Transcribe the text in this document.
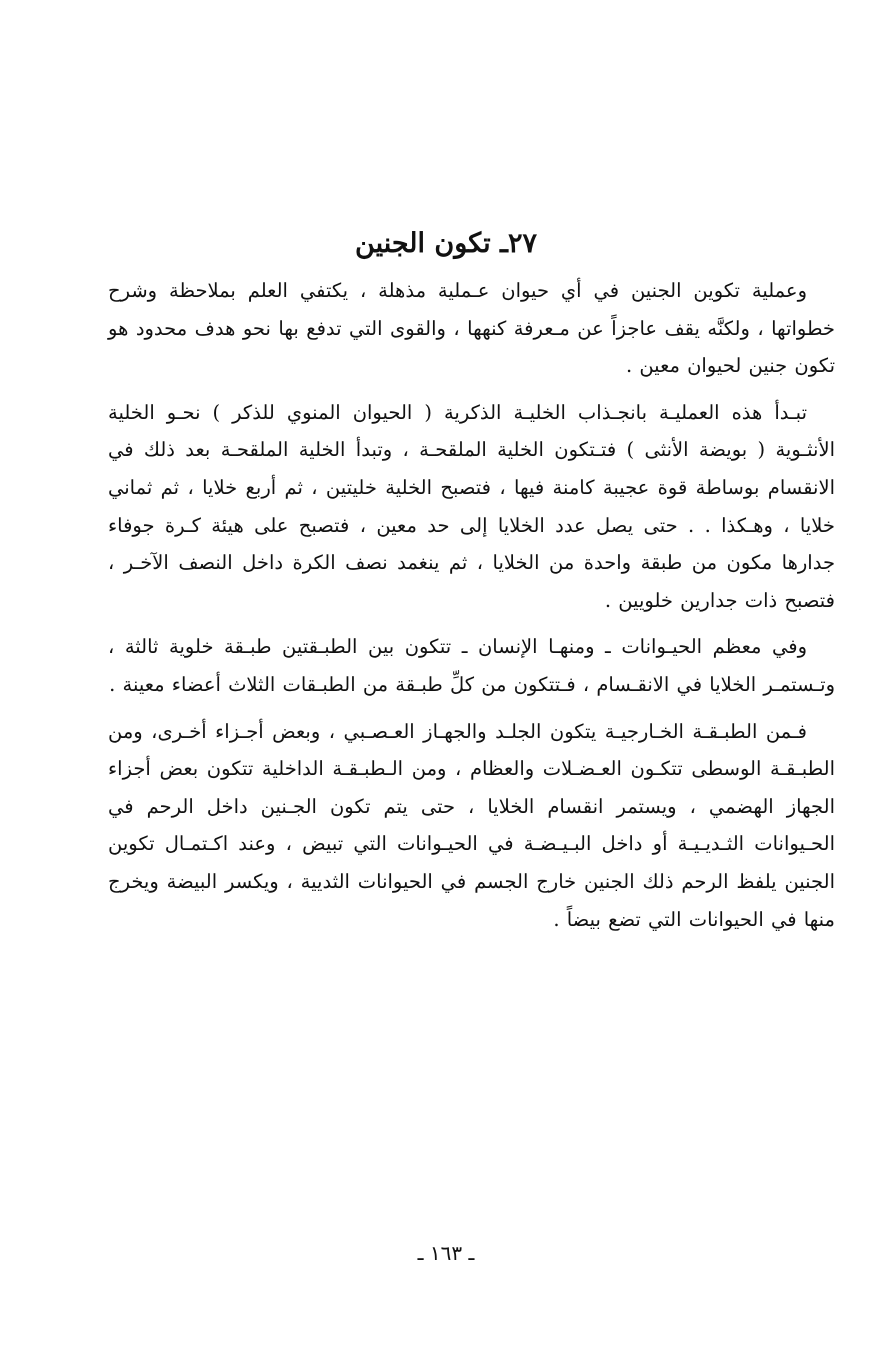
٢٧ـ تكون الجنين

وعملية تكوين الجنين في أي حيوان عـملية مذهلة ، يكتفي العلم بملاحظة وشرح خطواتها ، ولكنَّه يقف عاجزاً عن مـعرفة كنهها ، والقوى التي تدفع بها نحو هدف محدود هو تكون جنين لحيوان معين .

تبـدأ هذه العمليـة بانجـذاب الخليـة الذكرية ( الحيوان المنوي للذكر ) نحـو الخلية الأنثـوية ( بويضة الأنثى ) فتـتكون الخلية الملقحـة ، وتبدأ الخلية الملقحـة بعد ذلك في الانقسام بوساطة قوة عجيبة كامنة فيها ، فتصبح الخلية خليتين ، ثم أربع خلايا ، ثم ثماني خلايا ، وهـكذا . . حتى يصل عدد الخلايا إلى حد معين ، فتصبح على هيئة كـرة جوفاء جدارها مكون من طبقة واحدة من الخلايا ، ثم ينغمد نصف الكرة داخل النصف الآخـر ، فتصبح ذات جدارين خلويين .

وفي معظم الحيـوانات ـ ومنهـا الإنسان ـ تتكون بين الطبـقتين طبـقة خلوية ثالثة ، وتـستمـر الخلايا في الانقـسام ، فـتتكون من كلِّ طبـقة من الطبـقات الثلاث أعضاء معينة .

فـمن الطبـقـة الخـارجيـة يتكون الجلـد والجهـاز العـصـبي ، وبعض أجـزاء أخـرى، ومن الطبـقـة الوسطى تتكـون العـضـلات والعظام ، ومن الـطبـقـة الداخلية تتكون بعض أجزاء الجهاز الهضمي ، ويستمر انقسام الخلايا ، حتى يتم تكون الجـنين داخل الرحم في الحـيوانات الثـديـيـة أو داخل البـيـضـة في الحيـوانات التي تبيض ، وعند اكـتمـال تكوين الجنين يلفظ الرحم ذلك الجنين خارج الجسم في الحيوانات الثديية ، ويكسر البيضة ويخرج منها في الحيوانات التي تضع بيضاً .

ـ ١٦٣ ـ
